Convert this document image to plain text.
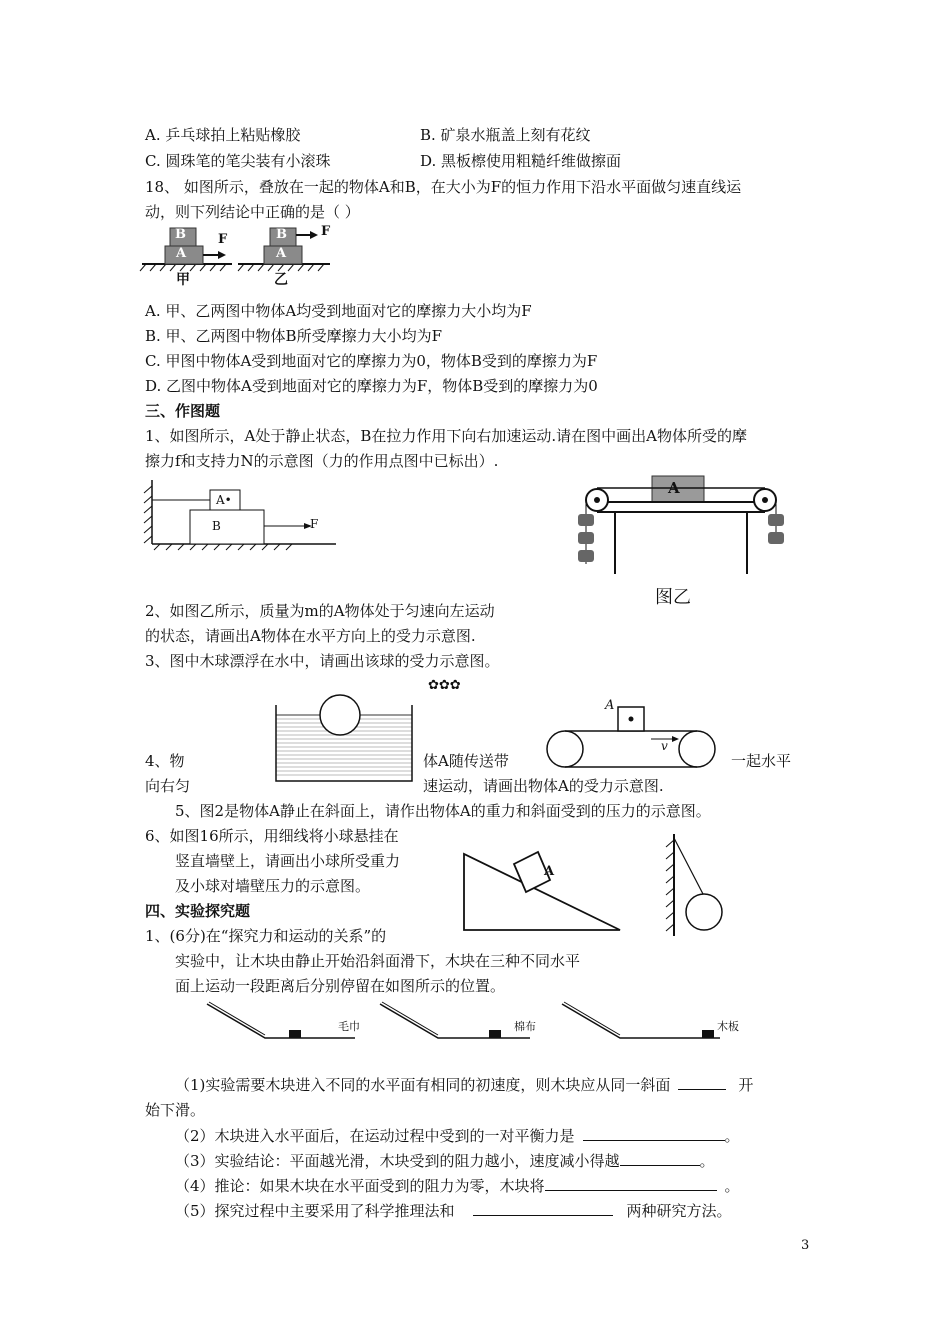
A. 乒乓球拍上粘贴橡胶	B. 矿泉水瓶盖上刻有花纹
C. 圆珠笔的笔尖装有小滚珠	D. 黑板檫使用粗糙纤维做擦面
18、 如图所示，叠放在一起的物体A和B，在大小为F的恒力作用下沿水平面做匀速直线运
动，则下列结论中正确的是（ ）
B
A
F
甲
B
A
F
乙
A. 甲、乙两图中物体A均受到地面对它的摩擦力大小均为F
B. 甲、乙两图中物体B所受摩擦力大小均为F
C. 甲图中物体A受到地面对它的摩擦力为0，物体B受到的摩擦力为F
D. 乙图中物体A受到地面对它的摩擦力为F，物体B受到的摩擦力为0
三、作图题
1、如图所示，A处于静止状态，B在拉力作用下向右加速运动.请在图中画出A物体所受的摩
擦力f和支持力N的示意图（力的作用点图中已标出）.
A•
B	F
A
图乙
2、如图乙所示，质量为m的A物体处于匀速向左运动
的状态，请画出A物体在水平方向上的受力示意图.
3、图中木球漂浮在水中，请画出该球的受力示意图。
✿✿✿
A
v
4、物	体A随传送带	一起水平
向右匀	速运动，请画出物体A的受力示意图.
5、图2是物体A静止在斜面上，请作出物体A的重力和斜面受到的压力的示意图。
6、如图16所示，用细线将小球悬挂在
竖直墙壁上，请画出小球所受重力
及小球对墙壁压力的示意图。
A
四、实验探究题
1、(6分)在“探究力和运动的关系”的
实验中，让木块由静止开始沿斜面滑下，木块在三种不同水平
面上运动一段距离后分别停留在如图所示的位置。
毛巾	棉布	木板
（1)实验需要木块进入不同的水平面有相同的初速度，则木块应从同一斜面	开
始下滑。
（2）木块进入水平面后，在运动过程中受到的一对平衡力是	。
（3）实验结论：平面越光滑，木块受到的阻力越小，速度减小得越	。
（4）推论：如果木块在水平面受到的阻力为零，木块将	。
（5）探究过程中主要采用了科学推理法和	两种研究方法。
3
